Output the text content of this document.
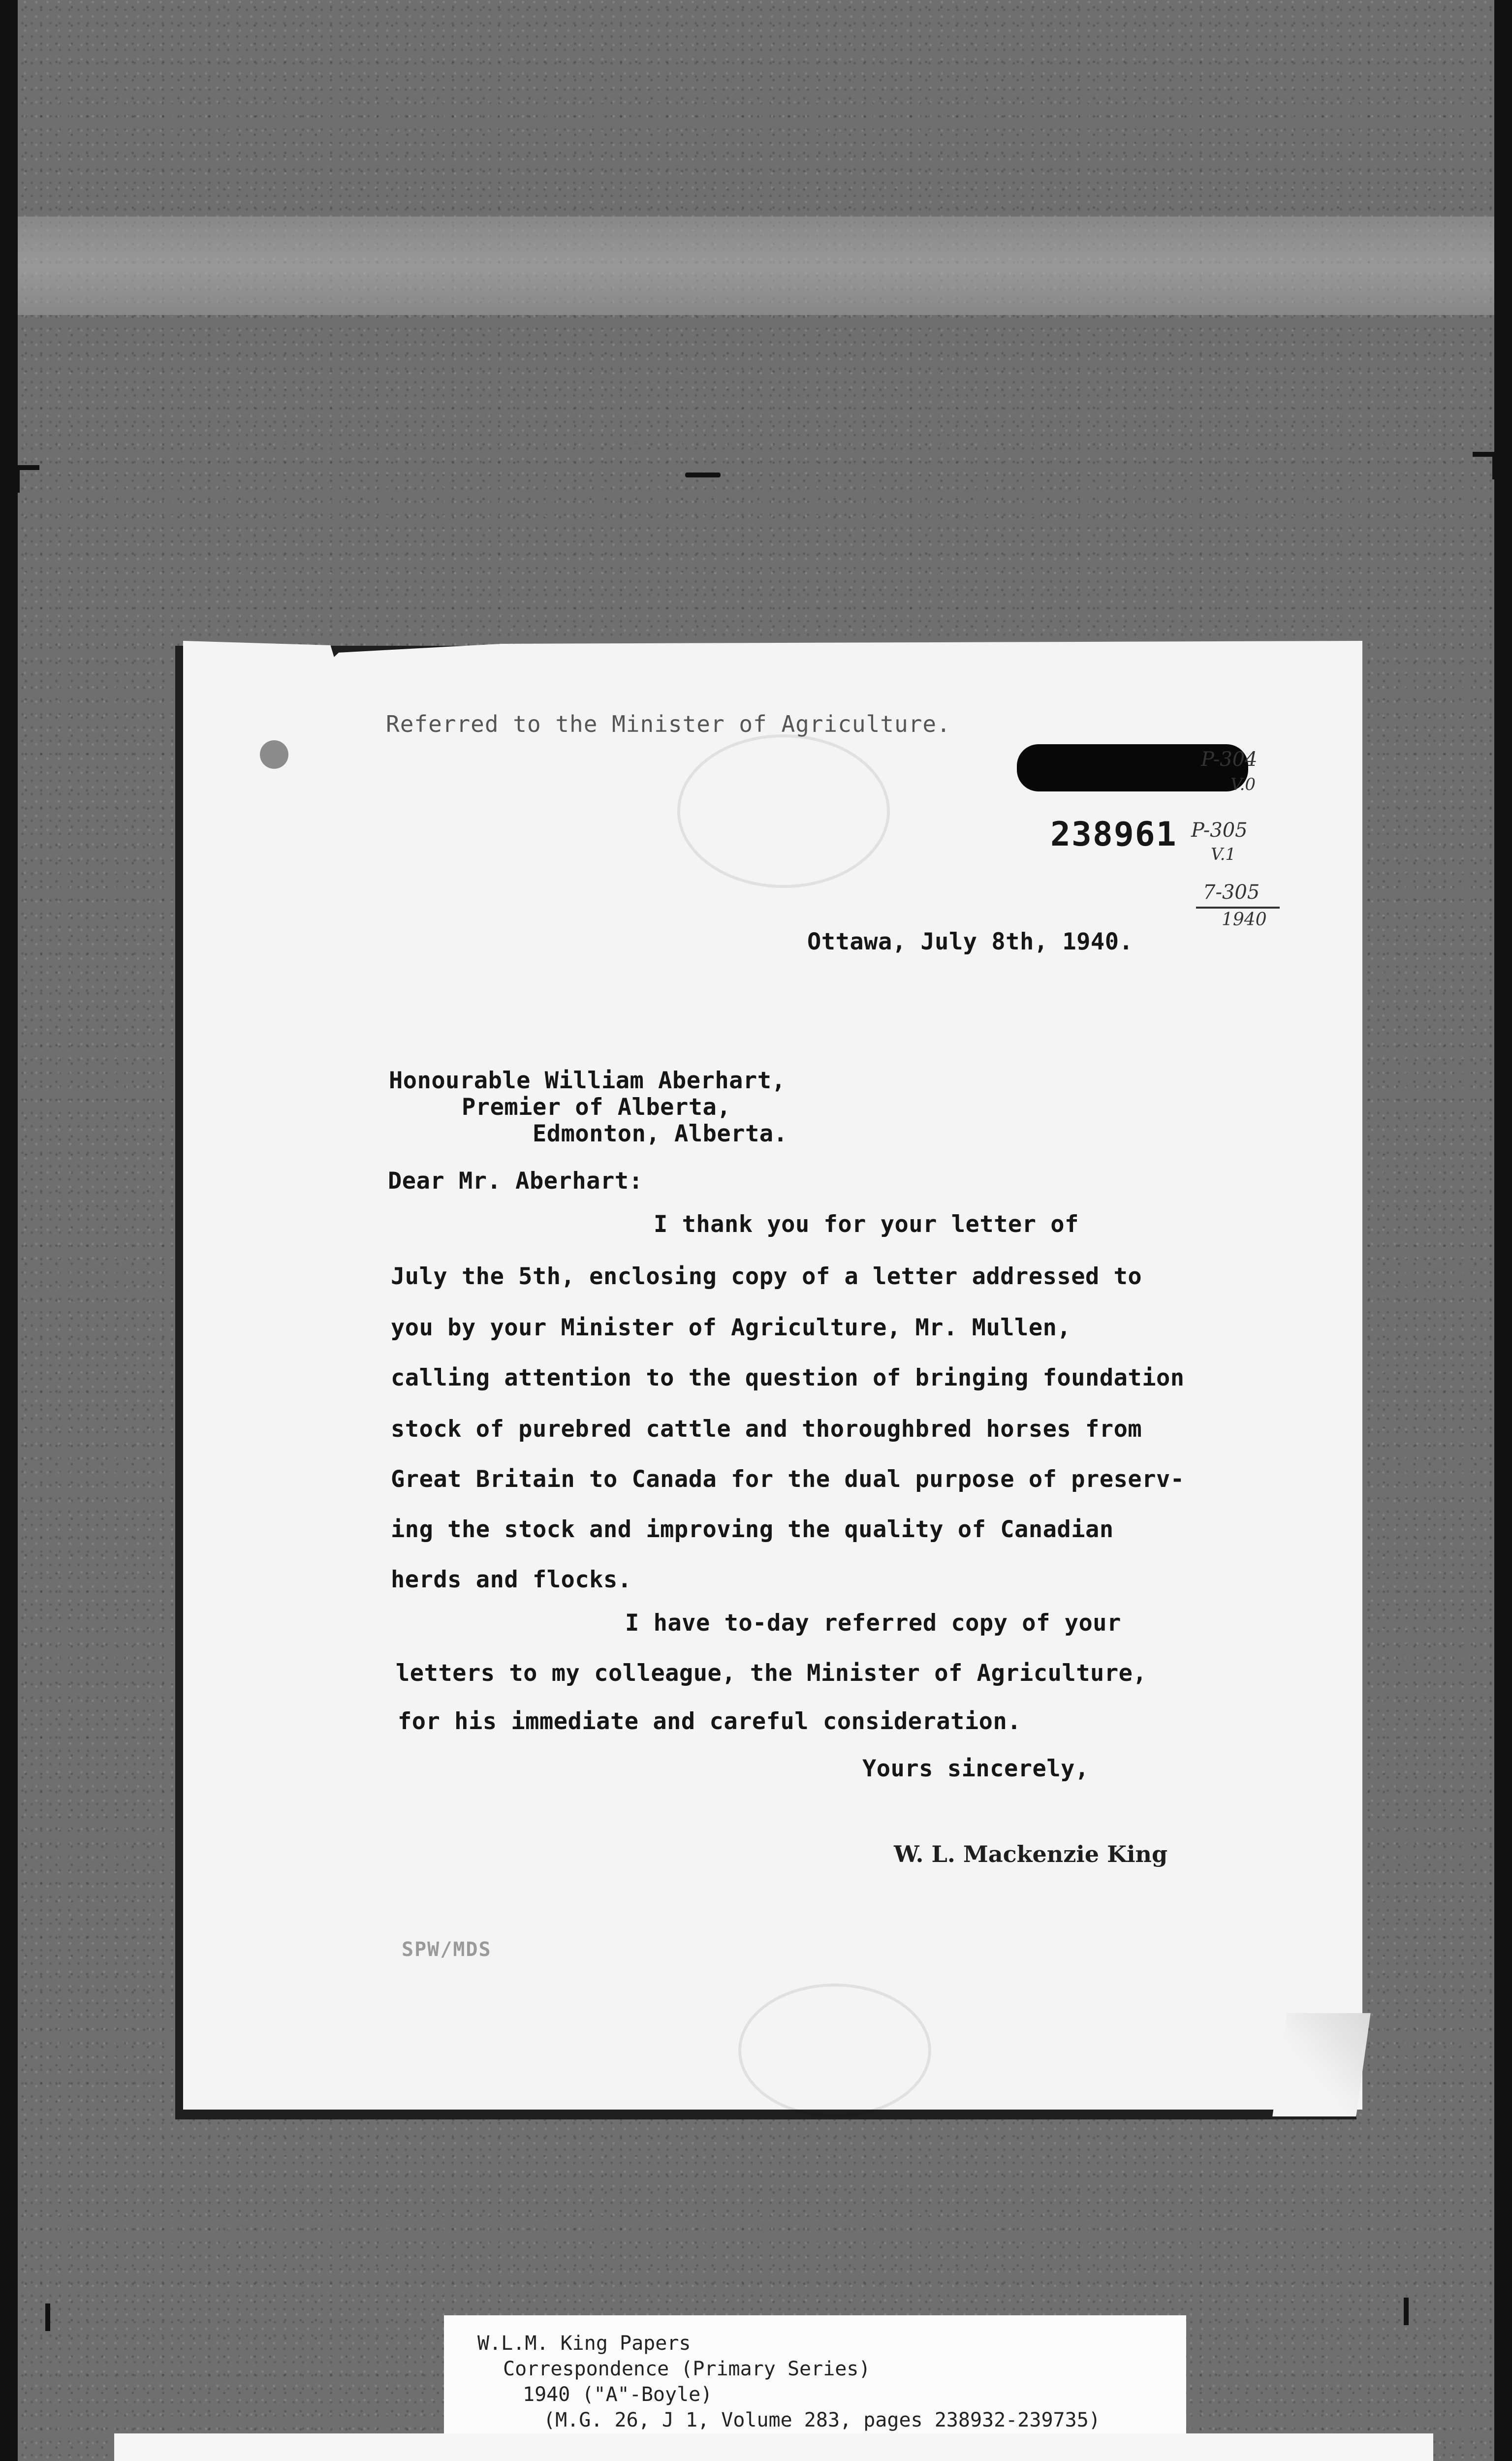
Referred to the Minister of Agriculture.
238961
P-304
V.0
P-305
V.1
7-305
1940
Ottawa, July 8th, 1940.
Honourable William Aberhart,
Premier of Alberta,
Edmonton, Alberta.
Dear Mr. Aberhart:
I thank you for your letter of
July the 5th, enclosing copy of a letter addressed to
you by your Minister of Agriculture, Mr. Mullen,
calling attention to the question of bringing foundation
stock of purebred cattle and thoroughbred horses from
Great Britain to Canada for the dual purpose of preserv-
ing the stock and improving the quality of Canadian
herds and flocks.
I have to-day referred copy of your
letters to my colleague, the Minister of Agriculture,
for his immediate and careful consideration.
Yours sincerely,
W. L. Mackenzie King
SPW/MDS
W.L.M. King Papers
Correspondence (Primary Series)
1940 ("A"-Boyle)
(M.G. 26, J 1, Volume 283, pages 238932-239735)
